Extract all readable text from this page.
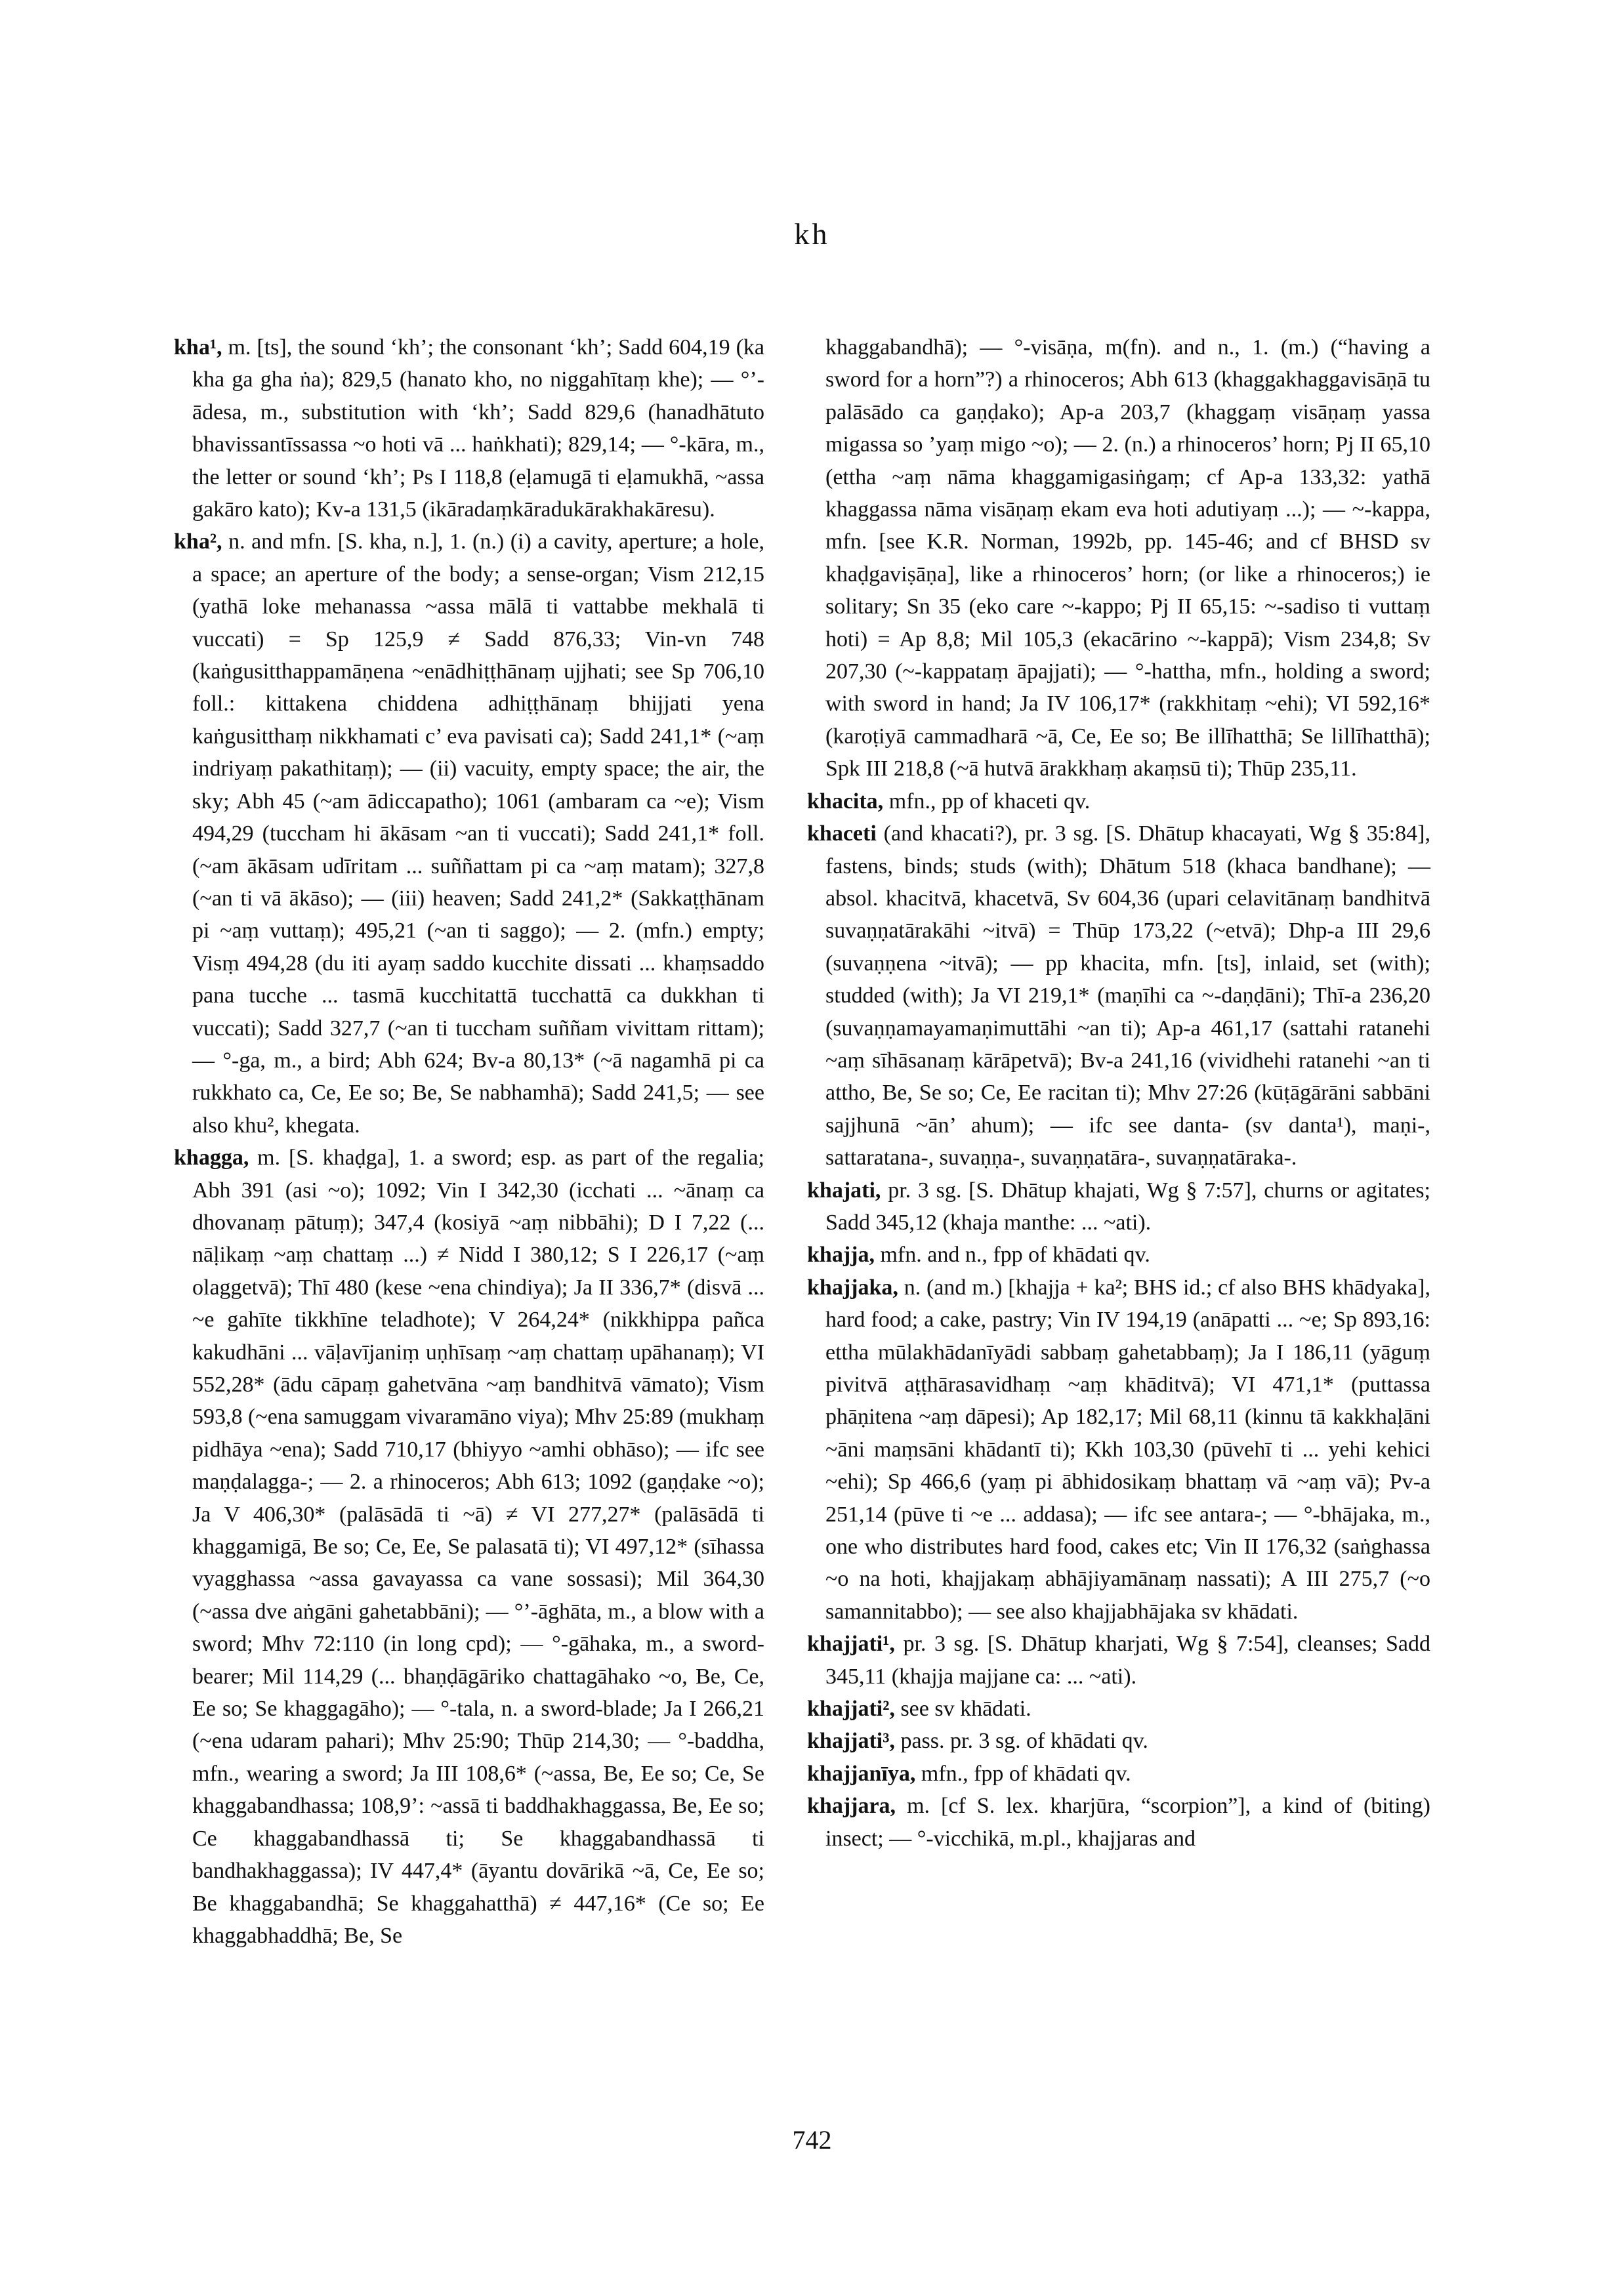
kh

kha¹, m. [ts], the sound ‘kh’; the consonant ‘kh’; Sadd 604,19 (ka kha ga gha ṅa); 829,5 (hanato kho, no niggahītaṃ khe); — °’-ādesa, m., substitution with ‘kh’; Sadd 829,6 (hanadhātuto bhavissantīssassa ~o hoti vā ... haṅkhati); 829,14; — °-kāra, m., the letter or sound ‘kh’; Ps I 118,8 (eḷamugā ti eḷamukhā, ~assa gakāro kato); Kv-a 131,5 (ikāradaṃkāradukārakhakāresu).

kha², n. and mfn. [S. kha, n.], 1. (n.) (i) a cavity, aperture; a hole, a space; an aperture of the body; a sense-organ; Vism 212,15 (yathā loke mehanassa ~assa mālā ti vattabbe mekhalā ti vuccati) = Sp 125,9 ≠ Sadd 876,33; Vin-vn 748 (kaṅgusitthappamāṇena ~enādhiṭṭhānaṃ ujjhati; see Sp 706,10 foll.: kittakena chiddena adhiṭṭhānaṃ bhijjati yena kaṅgusitthaṃ nikkhamati c’ eva pavisati ca); Sadd 241,1* (~aṃ indriyaṃ pakathitaṃ); — (ii) vacuity, empty space; the air, the sky; Abh 45 (~am ādiccapatho); 1061 (ambaram ca ~e); Vism 494,29 (tuccham hi ākāsam ~an ti vuccati); Sadd 241,1* foll. (~am ākāsam udīritam ... suññattam pi ca ~aṃ matam); 327,8 (~an ti vā ākāso); — (iii) heaven; Sadd 241,2* (Sakkaṭṭhānam pi ~aṃ vuttaṃ); 495,21 (~an ti saggo); — 2. (mfn.) empty; Visṃ 494,28 (du iti ayaṃ saddo kucchite dissati ... khaṃsaddo pana tucche ... tasmā kucchitattā tucchattā ca dukkhan ti vuccati); Sadd 327,7 (~an ti tuccham suññam vivittam rittam); — °-ga, m., a bird; Abh 624; Bv-a 80,13* (~ā nagamhā pi ca rukkhato ca, Ce, Ee so; Be, Se nabhamhā); Sadd 241,5; — see also khu², khegata.

khagga, m. [S. khaḍga], 1. a sword; esp. as part of the regalia; Abh 391 (asi ~o); 1092; Vin I 342,30 (icchati ... ~ānaṃ ca dhovanaṃ pātuṃ); 347,4 (kosiyā ~aṃ nibbāhi); D I 7,22 (... nāḷikaṃ ~aṃ chattaṃ ...) ≠ Nidd I 380,12; S I 226,17 (~aṃ olaggetvā); Thī 480 (kese ~ena chindiya); Ja II 336,7* (disvā ... ~e gahīte tikkhīne teladhote); V 264,24* (nikkhippa pañca kakudhāni ... vāḷavījaniṃ uṇhīsaṃ ~aṃ chattaṃ upāhanaṃ); VI 552,28* (ādu cāpaṃ gahetvāna ~aṃ bandhitvā vāmato); Vism 593,8 (~ena samuggam vivaramāno viya); Mhv 25:89 (mukhaṃ pidhāya ~ena); Sadd 710,17 (bhiyyo ~amhi obhāso); — ifc see maṇḍalagga-; — 2. a rhinoceros; Abh 613; 1092 (gaṇḍake ~o); Ja V 406,30* (palāsādā ti ~ā) ≠ VI 277,27* (palāsādā ti khaggamigā, Be so; Ce, Ee, Se palasatā ti); VI 497,12* (sīhassa vyagghassa ~assa gavayassa ca vane sossasi); Mil 364,30 (~assa dve aṅgāni gahetabbāni); — °’-āghāta, m., a blow with a sword; Mhv 72:110 (in long cpd); — °-gāhaka, m., a sword-bearer; Mil 114,29 (... bhaṇḍāgāriko chattagāhako ~o, Be, Ce, Ee so; Se khaggagāho); — °-tala, n. a sword-blade; Ja I 266,21 (~ena udaram pahari); Mhv 25:90; Thūp 214,30; — °-baddha, mfn., wearing a sword; Ja III 108,6* (~assa, Be, Ee so; Ce, Se khaggabandhassa; 108,9’: ~assā ti baddhakhaggassa, Be, Ee so; Ce khaggabandhassā ti; Se khaggabandhassā ti bandhakhaggassa); IV 447,4* (āyantu dovārikā ~ā, Ce, Ee so; Be khaggabandhā; Se khaggahatthā) ≠ 447,16* (Ce so; Ee khaggabhaddhā; Be, Se

khaggabandhā); — °-visāṇa, m(fn). and n., 1. (m.) (“having a sword for a horn”?) a rhinoceros; Abh 613 (khaggakhaggavisāṇā tu palāsādo ca gaṇḍako); Ap-a 203,7 (khaggaṃ visāṇaṃ yassa migassa so ’yaṃ migo ~o); — 2. (n.) a rhinoceros’ horn; Pj II 65,10 (ettha ~aṃ nāma khaggamigasiṅgaṃ; cf Ap-a 133,32: yathā khaggassa nāma visāṇaṃ ekam eva hoti adutiyaṃ ...); — ~-kappa, mfn. [see K.R. Norman, 1992b, pp. 145-46; and cf BHSD sv khaḍgaviṣāṇa], like a rhinoceros’ horn; (or like a rhinoceros;) ie solitary; Sn 35 (eko care ~-kappo; Pj II 65,15: ~-sadiso ti vuttaṃ hoti) = Ap 8,8; Mil 105,3 (ekacārino ~-kappā); Vism 234,8; Sv 207,30 (~-kappataṃ āpajjati); — °-hattha, mfn., holding a sword; with sword in hand; Ja IV 106,17* (rakkhitaṃ ~ehi); VI 592,16* (karoṭiyā cammadharā ~ā, Ce, Ee so; Be illīhatthā; Se lillīhatthā); Spk III 218,8 (~ā hutvā ārakkhaṃ akaṃsū ti); Thūp 235,11.

khacita, mfn., pp of khaceti qv.

khaceti (and khacati?), pr. 3 sg. [S. Dhātup khacayati, Wg § 35:84], fastens, binds; studs (with); Dhātum 518 (khaca bandhane); — absol. khacitvā, khacetvā, Sv 604,36 (upari celavitānaṃ bandhitvā suvaṇṇatārakāhi ~itvā) = Thūp 173,22 (~etvā); Dhp-a III 29,6 (suvaṇṇena ~itvā); — pp khacita, mfn. [ts], inlaid, set (with); studded (with); Ja VI 219,1* (maṇīhi ca ~-daṇḍāni); Thī-a 236,20 (suvaṇṇamayamaṇimuttāhi ~an ti); Ap-a 461,17 (sattahi ratanehi ~aṃ sīhāsanaṃ kārāpetvā); Bv-a 241,16 (vividhehi ratanehi ~an ti attho, Be, Se so; Ce, Ee racitan ti); Mhv 27:26 (kūṭāgārāni sabbāni sajjhunā ~ān’ ahum); — ifc see danta- (sv danta¹), maṇi-, sattaratana-, suvaṇṇa-, suvaṇṇatāra-, suvaṇṇatāraka-.

khajati, pr. 3 sg. [S. Dhātup khajati, Wg § 7:57], churns or agitates; Sadd 345,12 (khaja manthe: ... ~ati).

khajja, mfn. and n., fpp of khādati qv.

khajjaka, n. (and m.) [khajja + ka²; BHS id.; cf also BHS khādyaka], hard food; a cake, pastry; Vin IV 194,19 (anāpatti ... ~e; Sp 893,16: ettha mūlakhādanīyādi sabbaṃ gahetabbaṃ); Ja I 186,11 (yāguṃ pivitvā aṭṭhārasavidhaṃ ~aṃ khāditvā); VI 471,1* (puttassa phāṇitena ~aṃ dāpesi); Ap 182,17; Mil 68,11 (kinnu tā kakkhaḷāni ~āni maṃsāni khādantī ti); Kkh 103,30 (pūvehī ti ... yehi kehici ~ehi); Sp 466,6 (yaṃ pi ābhidosikaṃ bhattaṃ vā ~aṃ vā); Pv-a 251,14 (pūve ti ~e ... addasa); — ifc see antara-; — °-bhājaka, m., one who distributes hard food, cakes etc; Vin II 176,32 (saṅghassa ~o na hoti, khajjakaṃ abhājiyamānaṃ nassati); A III 275,7 (~o samannitabbo); — see also khajjabhājaka sv khādati.

khajjati¹, pr. 3 sg. [S. Dhātup kharjati, Wg § 7:54], cleanses; Sadd 345,11 (khajja majjane ca: ... ~ati).

khajjati², see sv khādati.

khajjati³, pass. pr. 3 sg. of khādati qv.

khajjanīya, mfn., fpp of khādati qv.

khajjara, m. [cf S. lex. kharjūra, “scorpion”], a kind of (biting) insect; — °-vicchikā, m.pl., khajjaras and

742
